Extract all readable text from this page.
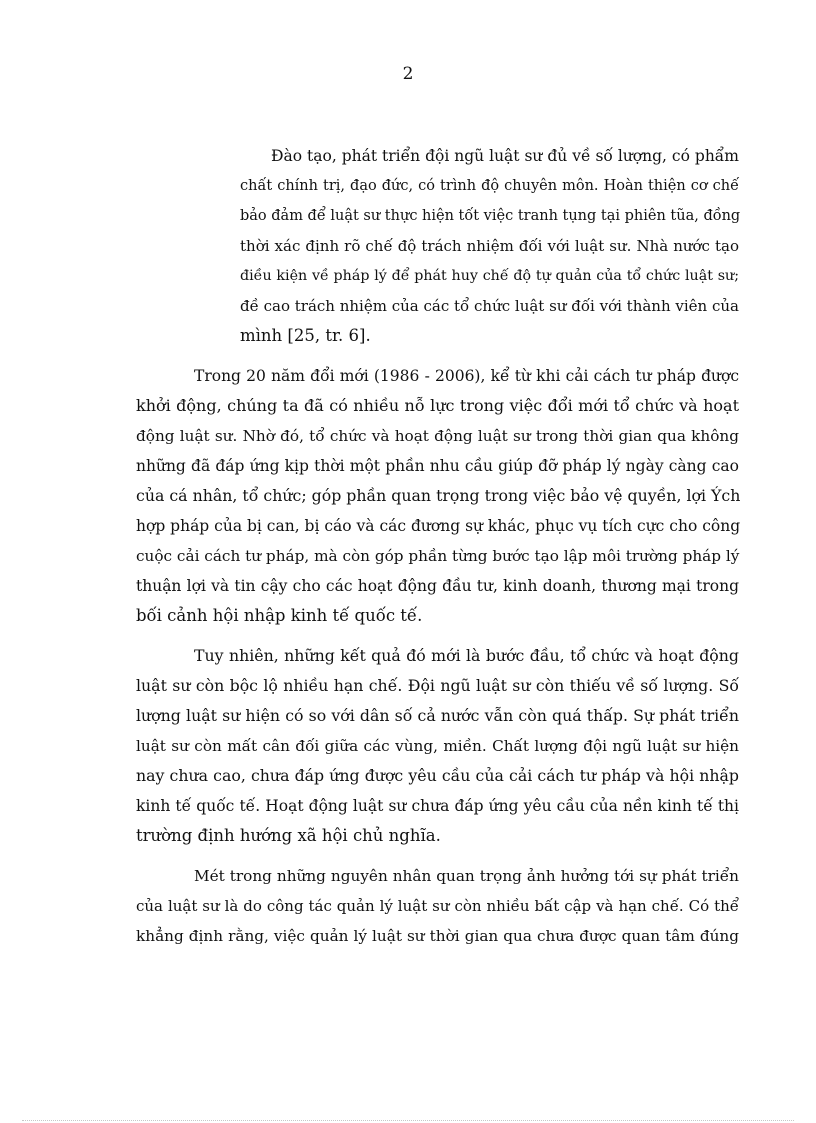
2
Đào tạo, phát triển đội ngũ luật sư đủ về số lượng, có phẩm
chất chính trị, đạo đức, có trình độ chuyên môn. Hoàn thiện cơ chế
bảo đảm để luật sư thực hiện tốt việc tranh tụng tại phiên tũa, đồng
thời xác định rõ chế độ trách nhiệm đối với luật sư. Nhà nước tạo
điều kiện về pháp lý để phát huy chế độ tự quản của tổ chức luật sư;
đề cao trách nhiệm của các tổ chức luật sư đối với thành viên của
mình [25, tr. 6].
Trong 20 năm đổi mới (1986 - 2006), kể từ khi cải cách tư pháp được
khởi động, chúng ta đã có nhiều nỗ lực trong việc đổi mới tổ chức và hoạt
động luật sư. Nhờ đó, tổ chức và hoạt động luật sư trong thời gian qua không
những đã đáp ứng kịp thời một phần nhu cầu giúp đỡ pháp lý ngày càng cao
của cá nhân, tổ chức; góp phần quan trọng trong việc bảo vệ quyền, lợi Ých
hợp pháp của bị can, bị cáo và các đương sự khác, phục vụ tích cực cho công
cuộc cải cách tư pháp, mà còn góp phần từng bước tạo lập môi trường pháp lý
thuận lợi và tin cậy cho các hoạt động đầu tư, kinh doanh, thương mại trong
bối cảnh hội nhập kinh tế quốc tế.
Tuy nhiên, những kết quả đó mới là bước đầu, tổ chức và hoạt động
luật sư còn bộc lộ nhiều hạn chế. Đội ngũ luật sư còn thiếu về số lượng. Số
lượng luật sư hiện có so với dân số cả nước vẫn còn quá thấp. Sự phát triển
luật sư còn mất cân đối giữa các vùng, miền. Chất lượng đội ngũ luật sư hiện
nay chưa cao, chưa đáp ứng được yêu cầu của cải cách tư pháp và hội nhập
kinh tế quốc tế. Hoạt động luật sư chưa đáp ứng yêu cầu của nền kinh tế thị
trường định hướng xã hội chủ nghĩa.
Mét trong những nguyên nhân quan trọng ảnh hưởng tới sự phát triển
của luật sư là do công tác quản lý luật sư còn nhiều bất cập và hạn chế. Có thể
khẳng định rằng, việc quản lý luật sư thời gian qua chưa được quan tâm đúng
